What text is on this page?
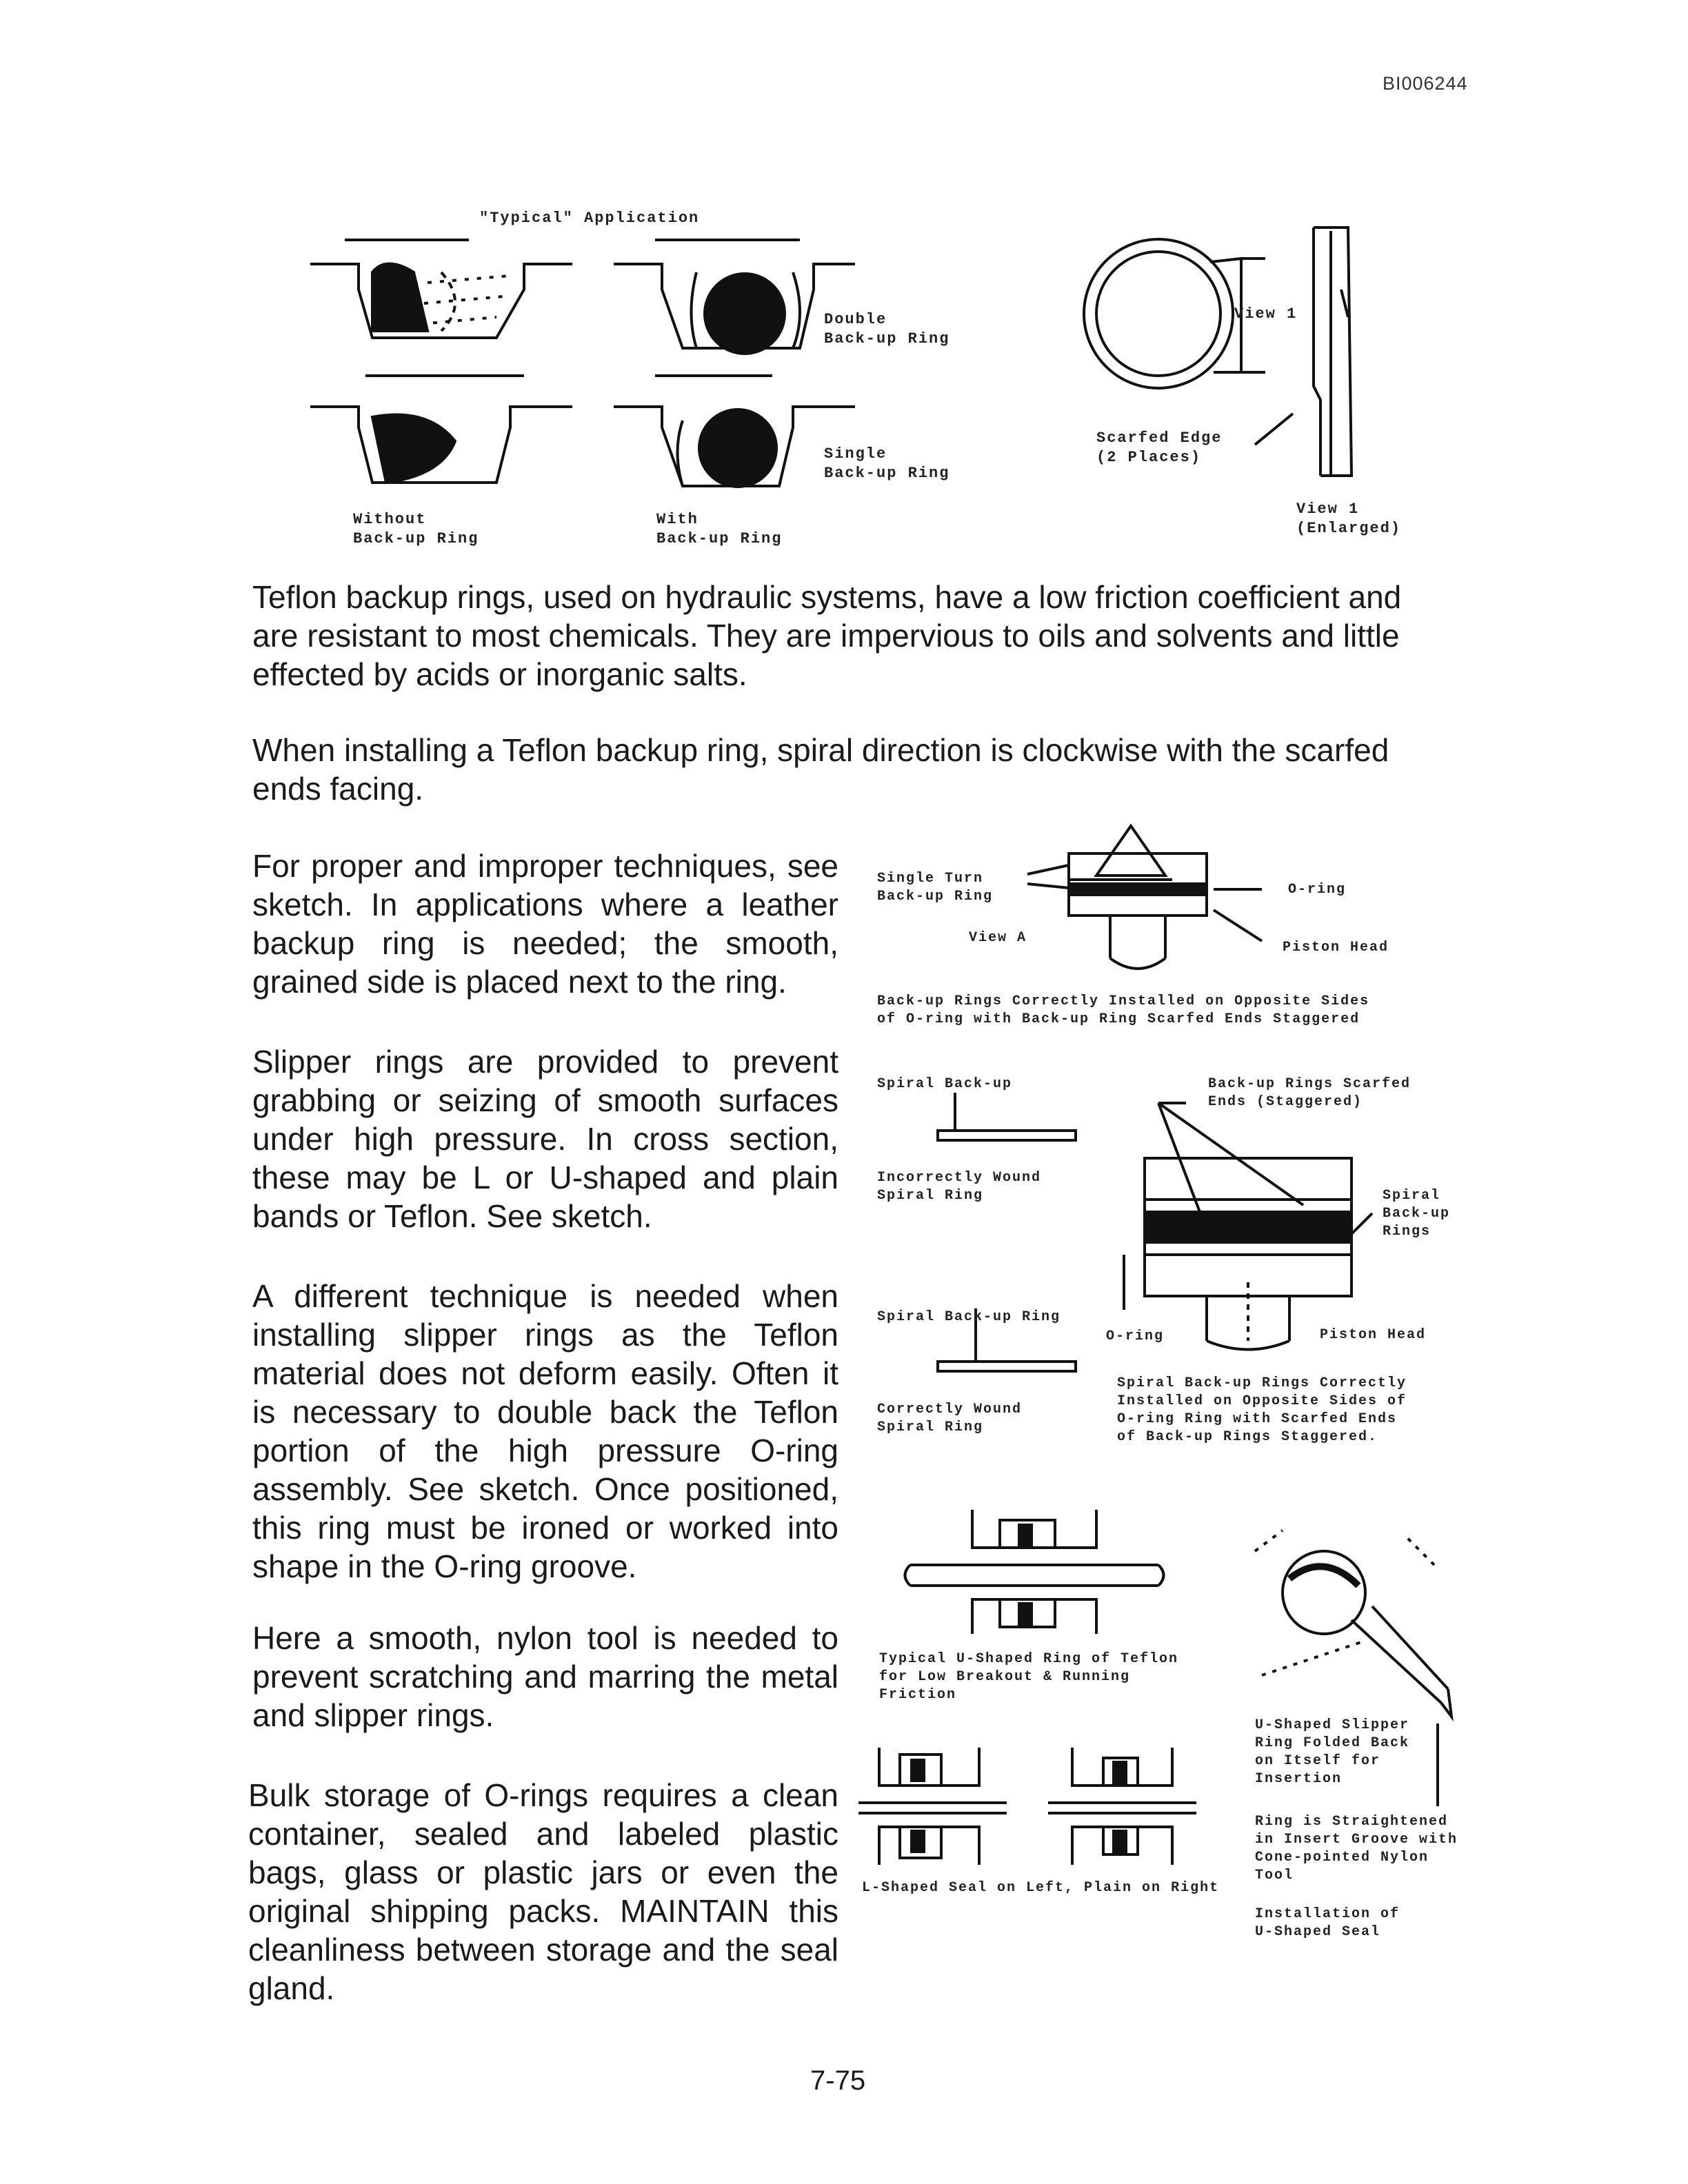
BI006244
"Typical" Application
Double
Back-up Ring
Single
Back-up Ring
Without
Back-up Ring
With
Back-up Ring
View 1
Scarfed Edge
(2 Places)
View 1
(Enlarged)

Teflon backup rings, used on hydraulic systems, have a low friction coefficient and are resistant to most chemicals. They are impervious to oils and solvents and little effected by acids or inorganic salts.

When installing a Teflon backup ring, spiral direction is clockwise with the scarfed ends facing.

For proper and improper techniques, see sketch. In applications where a leather backup ring is needed; the smooth, grained side is placed next to the ring.

Slipper rings are provided to prevent grabbing or seizing of smooth surfaces under high pressure. In cross section, these may be L or U-shaped and plain bands or Teflon. See sketch.

A different technique is needed when installing slipper rings as the Teflon material does not deform easily. Often it is necessary to double back the Teflon portion of the high pressure O-ring assembly. See sketch. Once positioned, this ring must be ironed or worked into shape in the O-ring groove.

Here a smooth, nylon tool is needed to prevent scratching and marring the metal and slipper rings.

Bulk storage of O-rings requires a clean container, sealed and labeled plastic bags, glass or plastic jars or even the original shipping packs. MAINTAIN this cleanliness between storage and the seal gland.

Single Turn
Back-up Ring	O-ring
View A
Piston Head
Back-up Rings Correctly Installed on Opposite Sides
of O-ring with Back-up Ring Scarfed Ends Staggered
Spiral Back-up
Incorrectly Wound
Spiral Ring
Spiral Back-up Ring
Correctly Wound
Spiral Ring
Back-up Rings Scarfed
Ends (Staggered)
Spiral
Back-up
Rings
O-ring	Piston Head
Spiral Back-up Rings Correctly
Installed on Opposite Sides of
O-ring Ring with Scarfed Ends
of Back-up Rings Staggered.
Typical U-Shaped Ring of Teflon
for Low Breakout & Running
Friction
L-Shaped Seal on Left, Plain on Right
U-Shaped Slipper
Ring Folded Back
on Itself for
Insertion
Ring is Straightened
in Insert Groove with
Cone-pointed Nylon
Tool
Installation of
U-Shaped Seal
7-75
